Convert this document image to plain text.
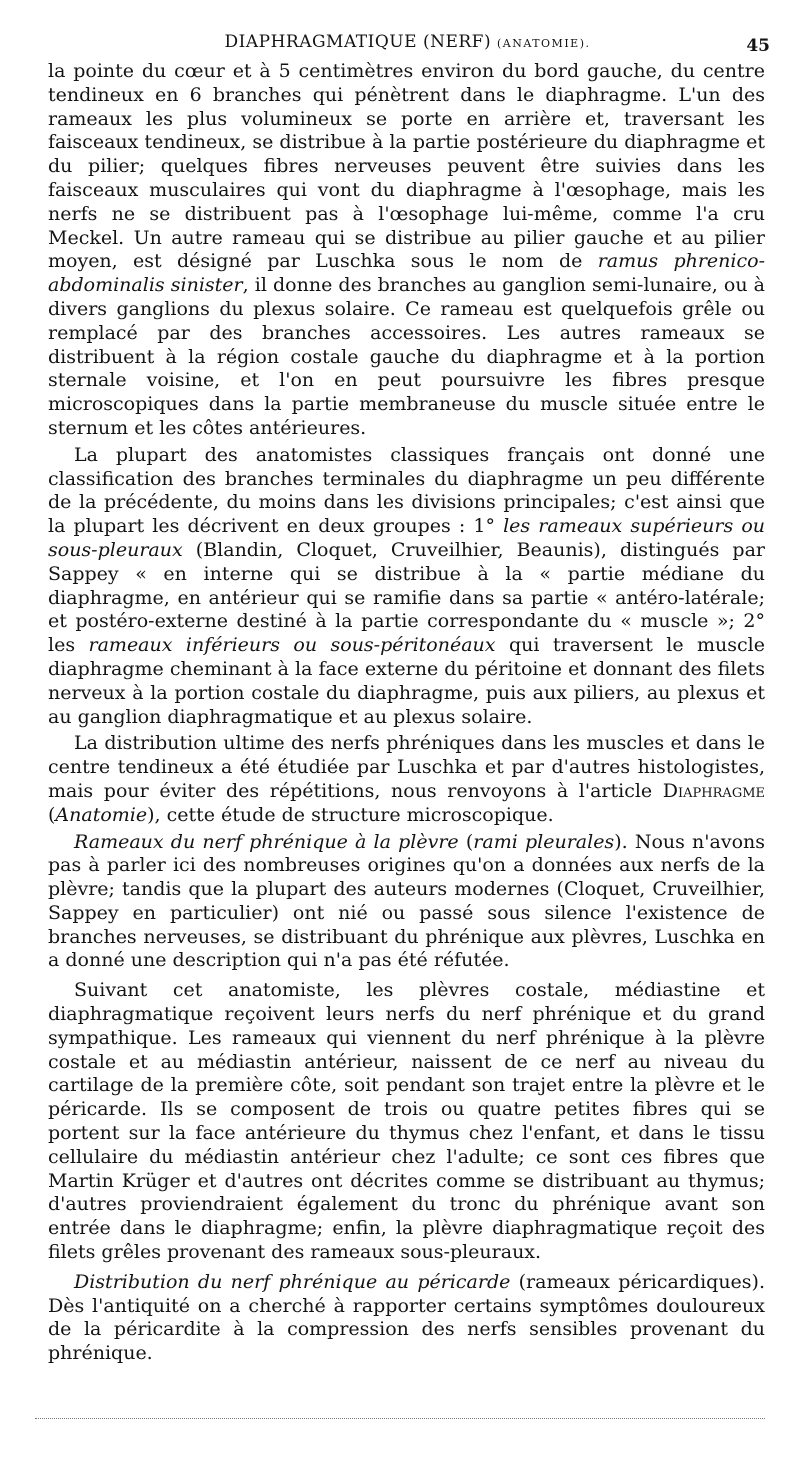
DIAPHRAGMATIQUE (NERF) (ANATOMIE).	45

la pointe du cœur et à 5 centimètres environ du bord gauche, du centre tendineux en 6 branches qui pénètrent dans le diaphragme. L'un des rameaux les plus volumineux se porte en arrière et, traversant les faisceaux tendineux, se distribue à la partie postérieure du diaphragme et du pilier; quelques fibres nerveuses peuvent être suivies dans les faisceaux musculaires qui vont du diaphragme à l'œsophage, mais les nerfs ne se distribuent pas à l'œsophage lui-même, comme l'a cru Meckel. Un autre rameau qui se distribue au pilier gauche et au pilier moyen, est désigné par Luschka sous le nom de ramus phrenico-abdominalis sinister, il donne des branches au ganglion semi-lunaire, ou à divers ganglions du plexus solaire. Ce rameau est quelquefois grêle ou remplacé par des branches accessoires. Les autres rameaux se distribuent à la région costale gauche du diaphragme et à la portion sternale voisine, et l'on en peut poursuivre les fibres presque microscopiques dans la partie membraneuse du muscle située entre le sternum et les côtes antérieures.

La plupart des anatomistes classiques français ont donné une classification des branches terminales du diaphragme un peu différente de la précédente, du moins dans les divisions principales; c'est ainsi que la plupart les décrivent en deux groupes : 1° les rameaux supérieurs ou sous-pleuraux (Blandin, Cloquet, Cruveilhier, Beaunis), distingués par Sappey « en interne qui se distribue à la « partie médiane du diaphragme, en antérieur qui se ramifie dans sa partie « antéro-latérale; et postéro-externe destiné à la partie correspondante du « muscle »; 2° les rameaux inférieurs ou sous-péritonéaux qui traversent le muscle diaphragme cheminant à la face externe du péritoine et donnant des filets nerveux à la portion costale du diaphragme, puis aux piliers, au plexus et au ganglion diaphragmatique et au plexus solaire.

La distribution ultime des nerfs phréniques dans les muscles et dans le centre tendineux a été étudiée par Luschka et par d'autres histologistes, mais pour éviter des répétitions, nous renvoyons à l'article Diaphragme (Anatomie), cette étude de structure microscopique.

Rameaux du nerf phrénique à la plèvre (rami pleurales). Nous n'avons pas à parler ici des nombreuses origines qu'on a données aux nerfs de la plèvre; tandis que la plupart des auteurs modernes (Cloquet, Cruveilhier, Sappey en particulier) ont nié ou passé sous silence l'existence de branches nerveuses, se distribuant du phrénique aux plèvres, Luschka en a donné une description qui n'a pas été réfutée.

Suivant cet anatomiste, les plèvres costale, médiastine et diaphragmatique reçoivent leurs nerfs du nerf phrénique et du grand sympathique. Les rameaux qui viennent du nerf phrénique à la plèvre costale et au médiastin antérieur, naissent de ce nerf au niveau du cartilage de la première côte, soit pendant son trajet entre la plèvre et le péricarde. Ils se composent de trois ou quatre petites fibres qui se portent sur la face antérieure du thymus chez l'enfant, et dans le tissu cellulaire du médiastin antérieur chez l'adulte; ce sont ces fibres que Martin Krüger et d'autres ont décrites comme se distribuant au thymus; d'autres proviendraient également du tronc du phrénique avant son entrée dans le diaphragme; enfin, la plèvre diaphragmatique reçoit des filets grêles provenant des rameaux sous-pleuraux.

Distribution du nerf phrénique au péricarde (rameaux péricardiques). Dès l'antiquité on a cherché à rapporter certains symptômes douloureux de la péricardite à la compression des nerfs sensibles provenant du phrénique.
